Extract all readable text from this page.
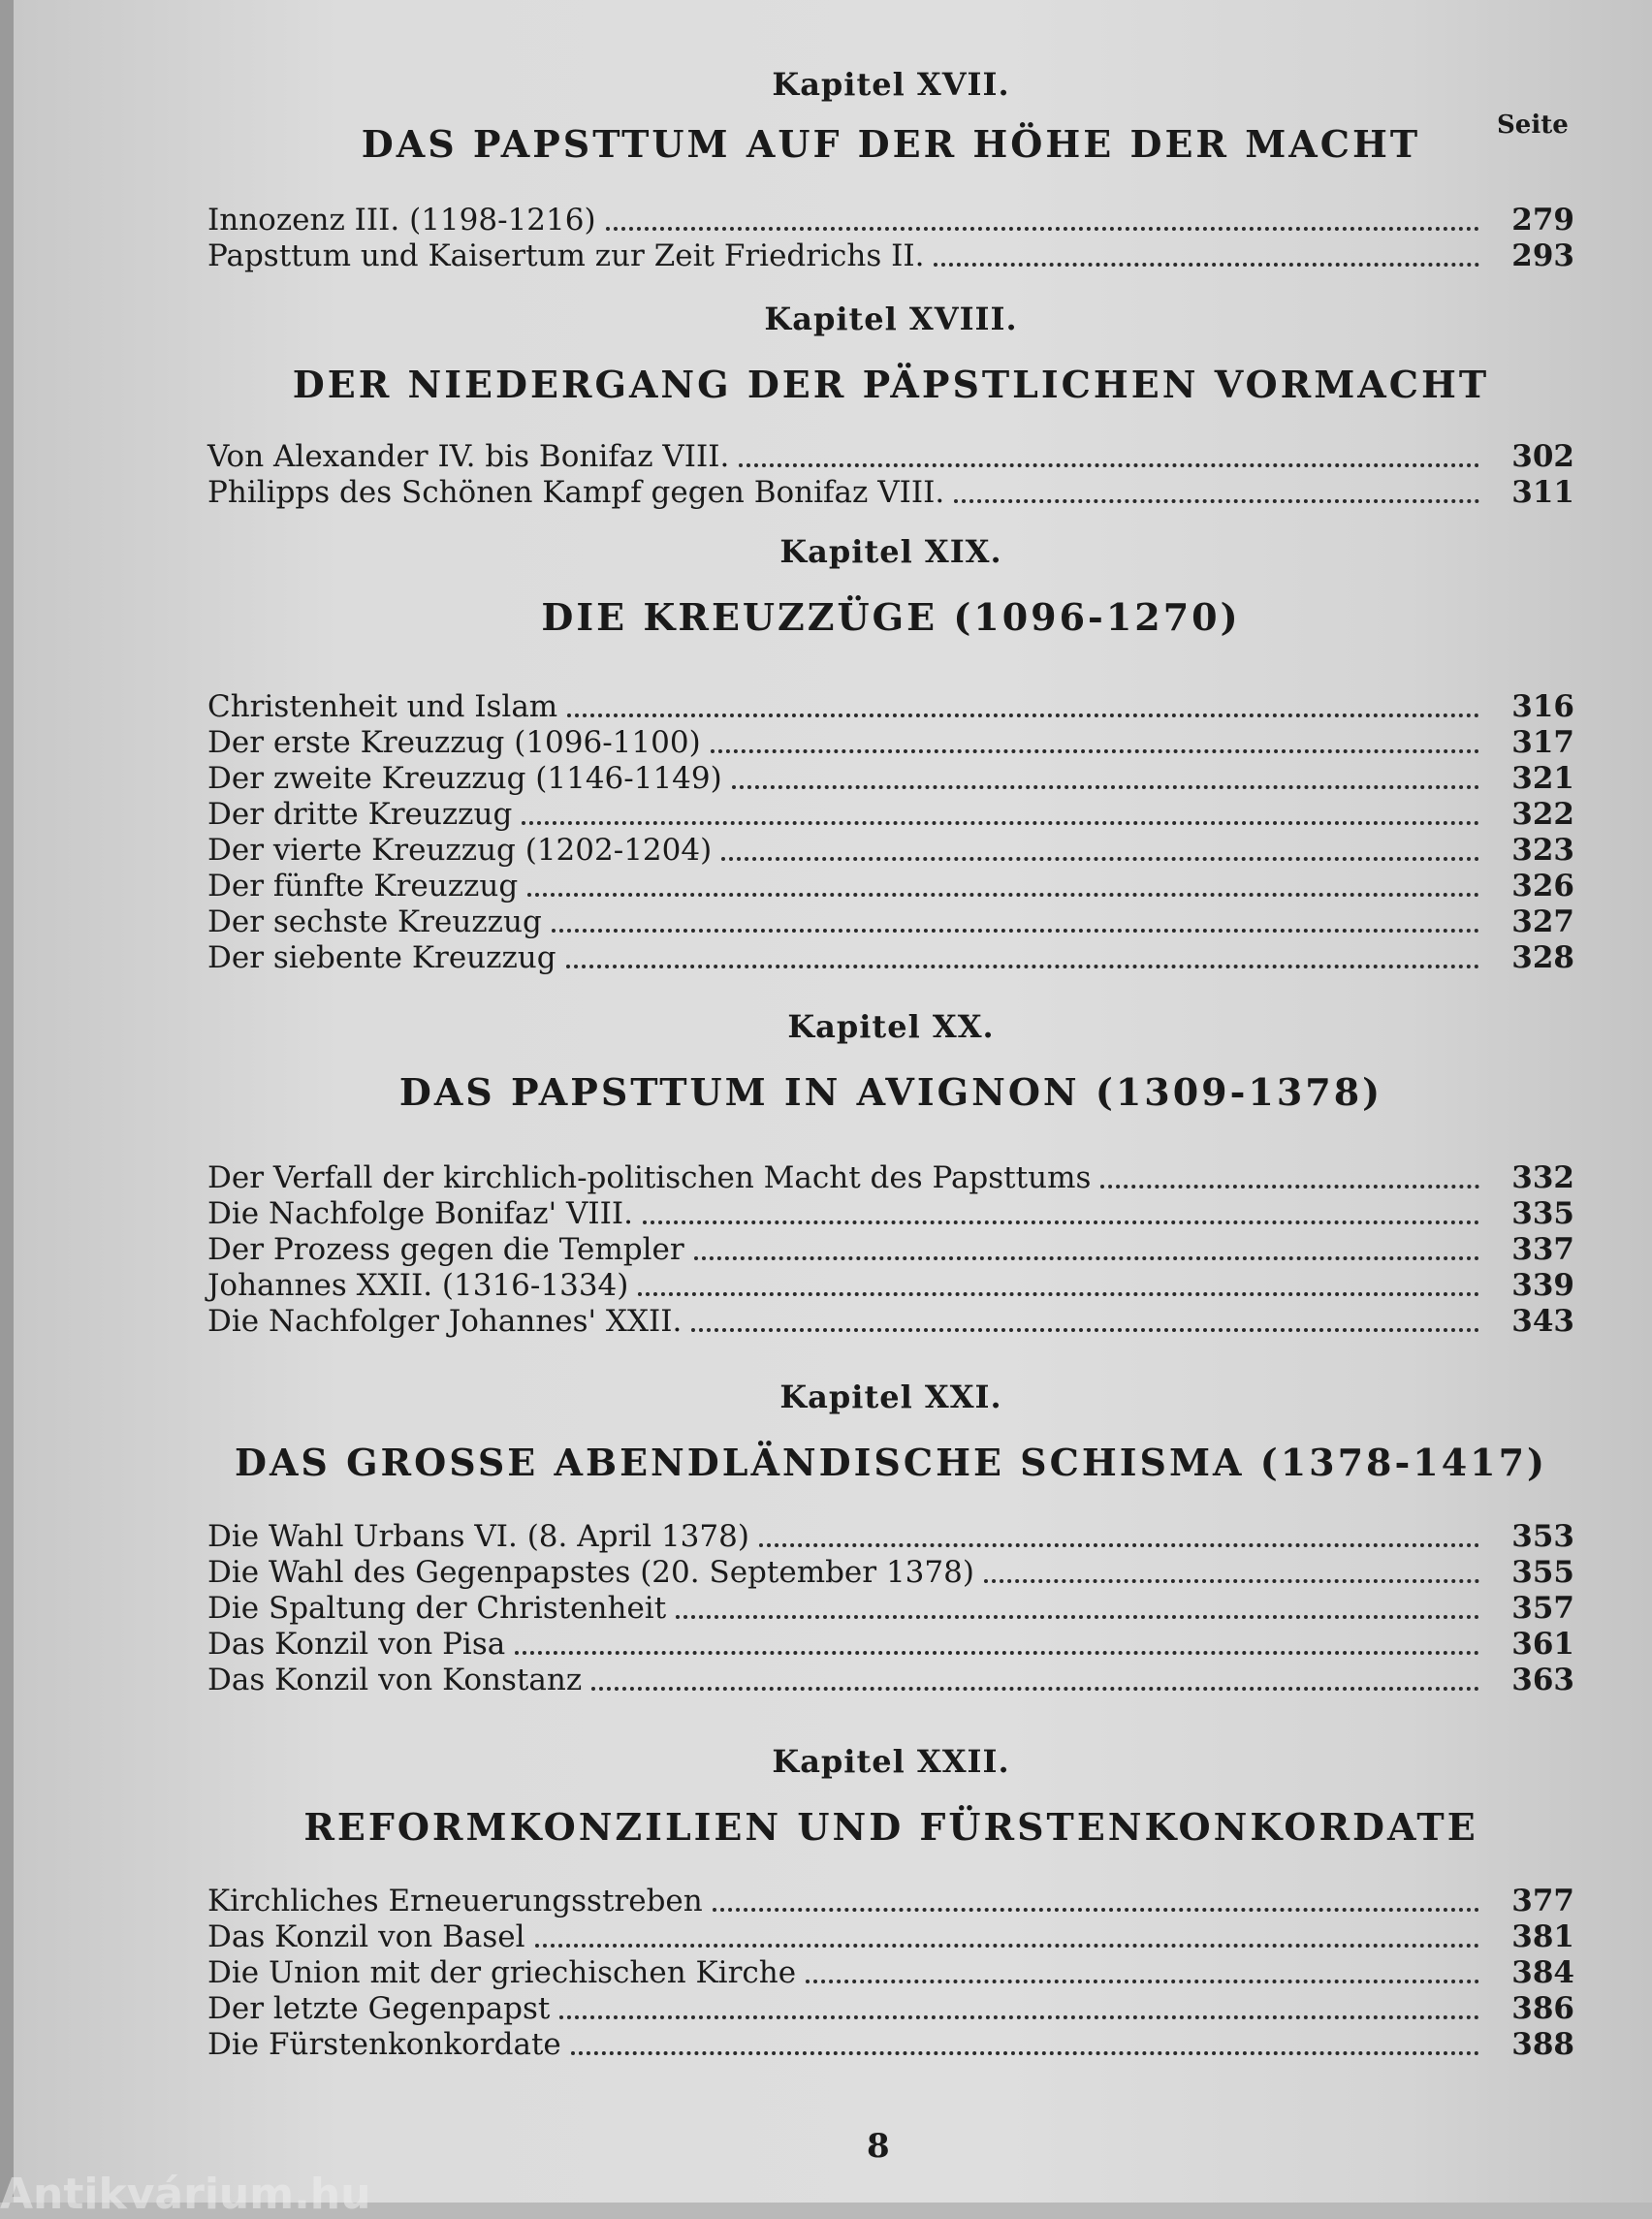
Seite
Kapitel XVII.
DAS PAPSTTUM AUF DER HÖHE DER MACHT
Innozenz III. (1198-1216)	279
Papsttum und Kaisertum zur Zeit Friedrichs II.	293
Kapitel XVIII.
DER NIEDERGANG DER PÄPSTLICHEN VORMACHT
Von Alexander IV. bis Bonifaz VIII.	302
Philipps des Schönen Kampf gegen Bonifaz VIII.	311
Kapitel XIX.
DIE KREUZZÜGE (1096-1270)
Christenheit und Islam	316
Der erste Kreuzzug (1096-1100)	317
Der zweite Kreuzzug (1146-1149)	321
Der dritte Kreuzzug	322
Der vierte Kreuzzug (1202-1204)	323
Der fünfte Kreuzzug	326
Der sechste Kreuzzug	327
Der siebente Kreuzzug	328
Kapitel XX.
DAS PAPSTTUM IN AVIGNON (1309-1378)
Der Verfall der kirchlich-politischen Macht des Papsttums	332
Die Nachfolge Bonifaz' VIII.	335
Der Prozess gegen die Templer	337
Johannes XXII. (1316-1334)	339
Die Nachfolger Johannes' XXII.	343
Kapitel XXI.
DAS GROSSE ABENDLÄNDISCHE SCHISMA (1378-1417)
Die Wahl Urbans VI. (8. April 1378)	353
Die Wahl des Gegenpapstes (20. September 1378)	355
Die Spaltung der Christenheit	357
Das Konzil von Pisa	361
Das Konzil von Konstanz	363
Kapitel XXII.
REFORMKONZILIEN UND FÜRSTENKONKORDATE
Kirchliches Erneuerungsstreben	377
Das Konzil von Basel	381
Die Union mit der griechischen Kirche	384
Der letzte Gegenpapst	386
Die Fürstenkonkordate	388
8
Antikvárium.hu
